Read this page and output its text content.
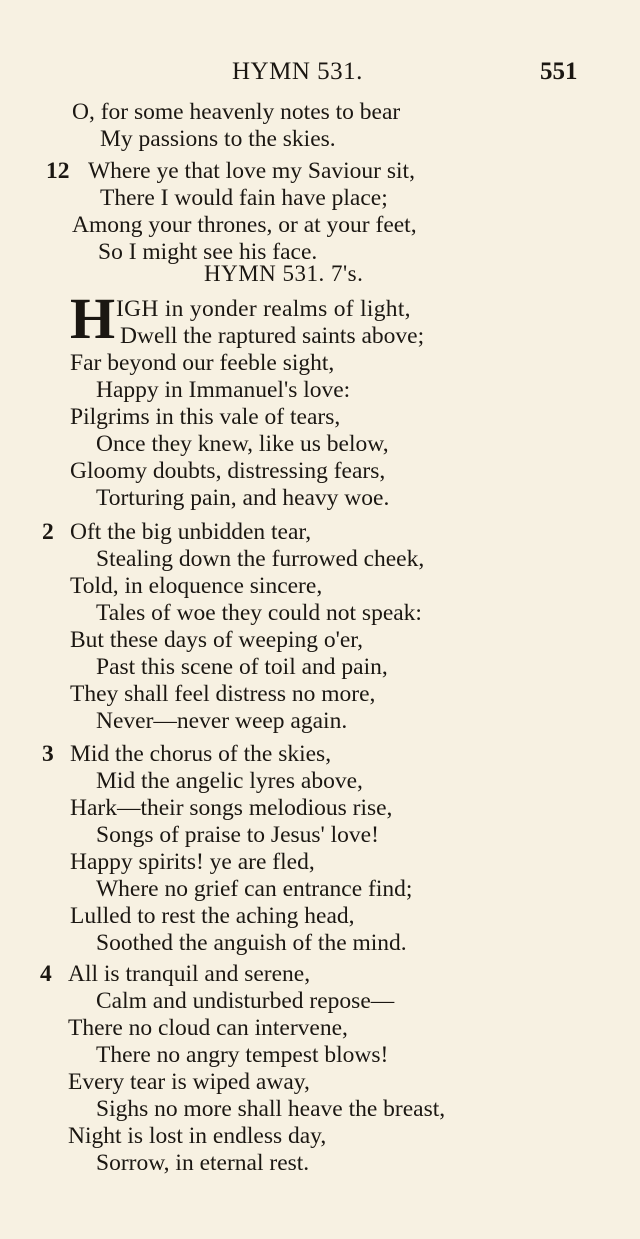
HYMN 531.	551
O, for some heavenly notes to bear
My passions to the skies.
12 Where ye that love my Saviour sit,
There I would fain have place;
Among your thrones, or at your feet,
So I might see his face.
HYMN 531. 7's.
H IGH in yonder realms of light,
Dwell the raptured saints above;
Far beyond our feeble sight,
Happy in Immanuel's love:
Pilgrims in this vale of tears,
Once they knew, like us below,
Gloomy doubts, distressing fears,
Torturing pain, and heavy woe.
2 Oft the big unbidden tear,
Stealing down the furrowed cheek,
Told, in eloquence sincere,
Tales of woe they could not speak:
But these days of weeping o'er,
Past this scene of toil and pain,
They shall feel distress no more,
Never—never weep again.
3 Mid the chorus of the skies,
Mid the angelic lyres above,
Hark—their songs melodious rise,
Songs of praise to Jesus' love!
Happy spirits! ye are fled,
Where no grief can entrance find;
Lulled to rest the aching head,
Soothed the anguish of the mind.
4 All is tranquil and serene,
Calm and undisturbed repose—
There no cloud can intervene,
There no angry tempest blows!
Every tear is wiped away,
Sighs no more shall heave the breast,
Night is lost in endless day,
Sorrow, in eternal rest.
